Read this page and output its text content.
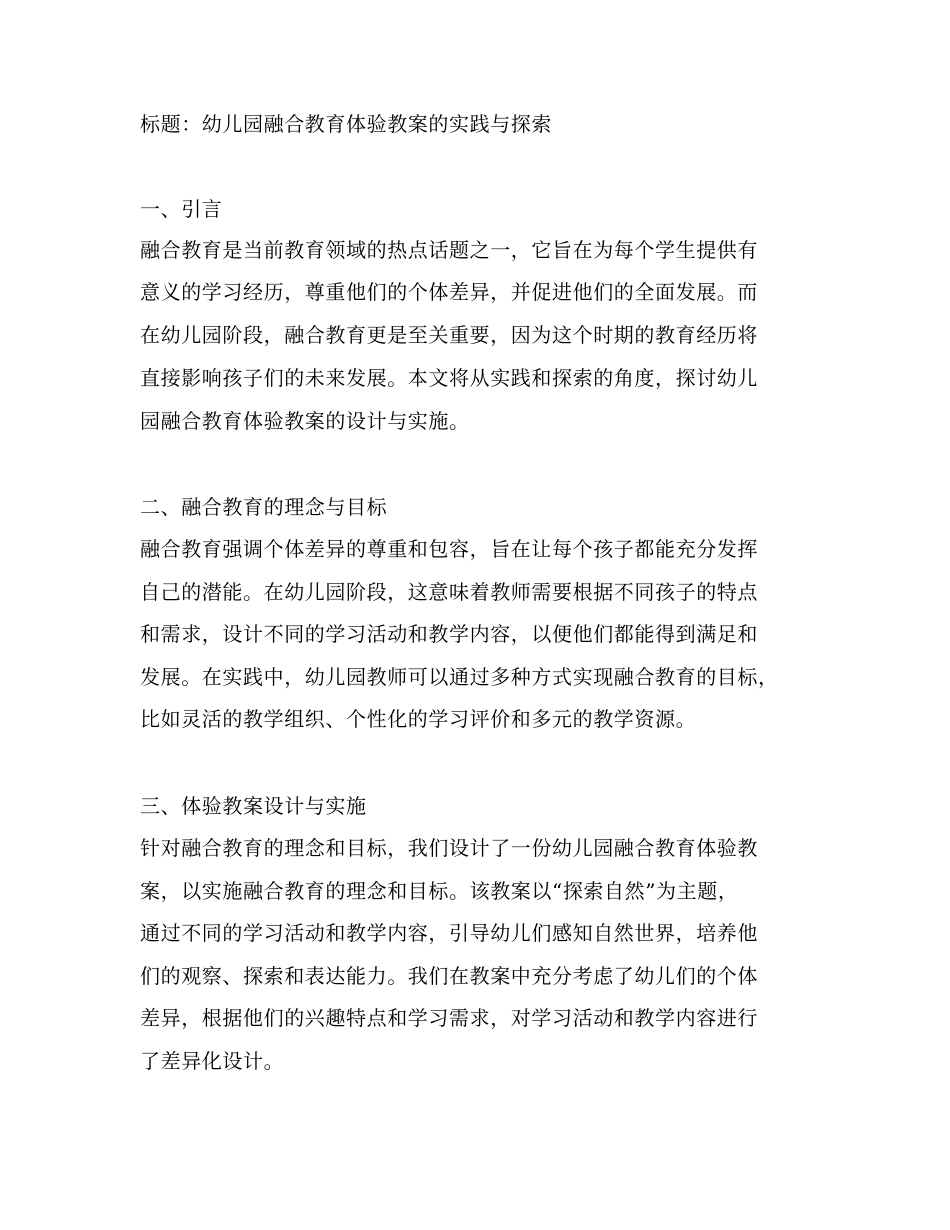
标题：幼儿园融合教育体验教案的实践与探索
一、引言
融合教育是当前教育领域的热点话题之一，它旨在为每个学生提供有
意义的学习经历，尊重他们的个体差异，并促进他们的全面发展。而
在幼儿园阶段，融合教育更是至关重要，因为这个时期的教育经历将
直接影响孩子们的未来发展。本文将从实践和探索的角度，探讨幼儿
园融合教育体验教案的设计与实施。
二、融合教育的理念与目标
融合教育强调个体差异的尊重和包容，旨在让每个孩子都能充分发挥
自己的潜能。在幼儿园阶段，这意味着教师需要根据不同孩子的特点
和需求，设计不同的学习活动和教学内容，以便他们都能得到满足和
发展。在实践中，幼儿园教师可以通过多种方式实现融合教育的目标，
比如灵活的教学组织、个性化的学习评价和多元的教学资源。
三、体验教案设计与实施
针对融合教育的理念和目标，我们设计了一份幼儿园融合教育体验教
案，以实施融合教育的理念和目标。该教案以“探索自然”为主题，
通过不同的学习活动和教学内容，引导幼儿们感知自然世界，培养他
们的观察、探索和表达能力。我们在教案中充分考虑了幼儿们的个体
差异，根据他们的兴趣特点和学习需求，对学习活动和教学内容进行
了差异化设计。
